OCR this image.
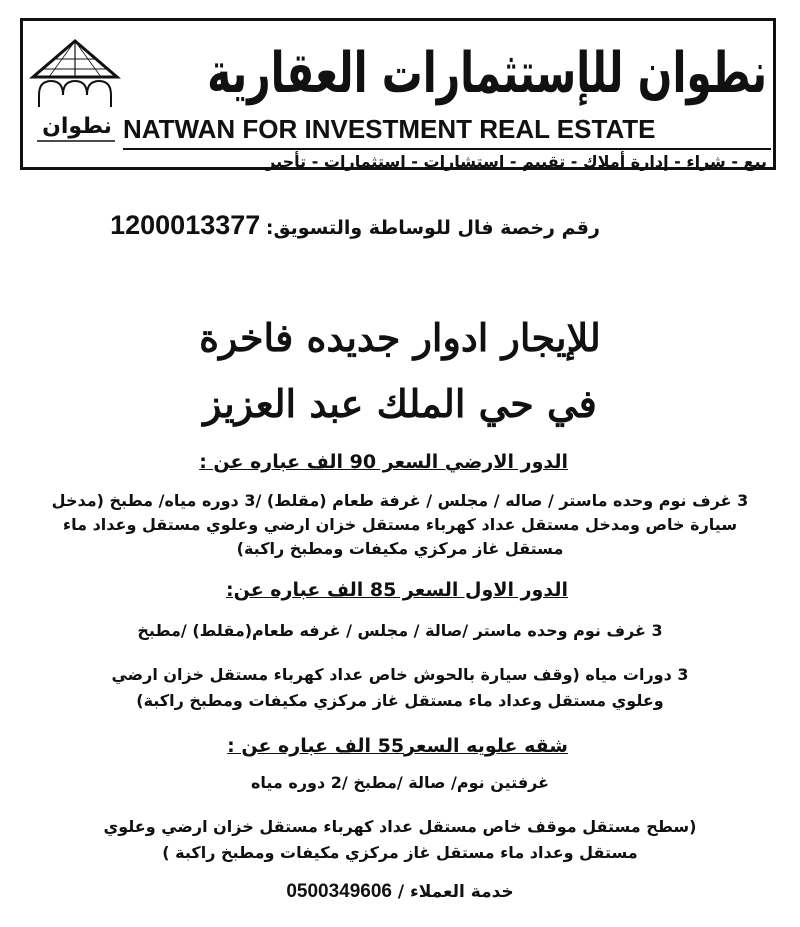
نطوان
نطوان للإستثمارات العقارية
NATWAN FOR INVESTMENT REAL ESTATE
بيع - شراء - إدارة أملاك - تقييم - استشارات - استثمارات - تأجير
رقم رخصة فال للوساطة والتسويق: 1200013377
للإيجار ادوار جديده فاخرة
في حي الملك عبد العزيز
الدور الارضي السعر 90 الف عباره عن :
3 غرف نوم وحده ماستر / صاله / مجلس / غرفة طعام (مقلط) /3 دوره مياه/ مطبخ (مدخل
سيارة خاص ومدخل مستقل عداد كهرباء مستقل خزان ارضي وعلوي مستقل وعداد ماء
مستقل غاز مركزي مكيفات ومطبخ راكبة)
الدور الاول السعر 85 الف عباره عن:
3 غرف نوم وحده ماستر /صالة / مجلس / غرفه طعام(مقلط) /مطبخ
3 دورات مياه (وقف سيارة بالحوش خاص عداد كهرباء مستقل خزان ارضي
وعلوي مستقل وعداد ماء مستقل غاز مركزي مكيفات ومطبخ راكبة)
شقه علويه السعر55 الف عباره عن :
غرفتين نوم/ صالة /مطبخ /2 دوره مياه
(سطح مستقل موقف خاص مستقل عداد كهرباء مستقل خزان ارضي وعلوي
مستقل وعداد ماء مستقل غاز مركزي مكيفات ومطبخ راكبة )
خدمة العملاء / 0500349606
